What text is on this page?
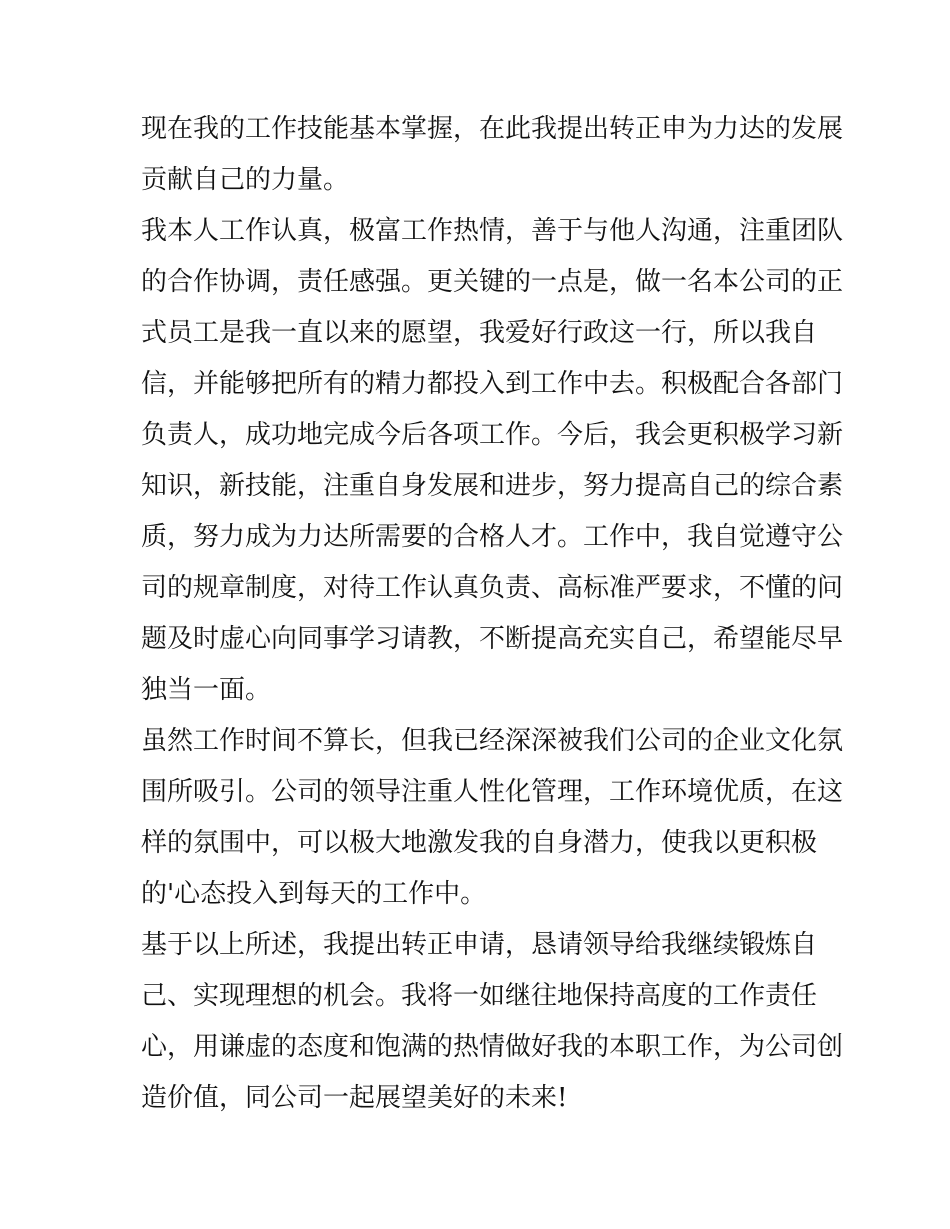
现在我的工作技能基本掌握，在此我提出转正申为力达的发展
贡献自己的力量。
我本人工作认真，极富工作热情，善于与他人沟通，注重团队
的合作协调，责任感强。更关键的一点是，做一名本公司的正
式员工是我一直以来的愿望，我爱好行政这一行，所以我自
信，并能够把所有的精力都投入到工作中去。积极配合各部门
负责人，成功地完成今后各项工作。今后，我会更积极学习新
知识，新技能，注重自身发展和进步，努力提高自己的综合素
质，努力成为力达所需要的合格人才。工作中，我自觉遵守公
司的规章制度，对待工作认真负责、高标准严要求，不懂的问
题及时虚心向同事学习请教，不断提高充实自己，希望能尽早
独当一面。
虽然工作时间不算长，但我已经深深被我们公司的企业文化氛
围所吸引。公司的领导注重人性化管理，工作环境优质，在这
样的氛围中，可以极大地激发我的自身潜力，使我以更积极
的'心态投入到每天的工作中。
基于以上所述，我提出转正申请，恳请领导给我继续锻炼自
己、实现理想的机会。我将一如继往地保持高度的工作责任
心，用谦虚的态度和饱满的热情做好我的本职工作，为公司创
造价值，同公司一起展望美好的未来!
